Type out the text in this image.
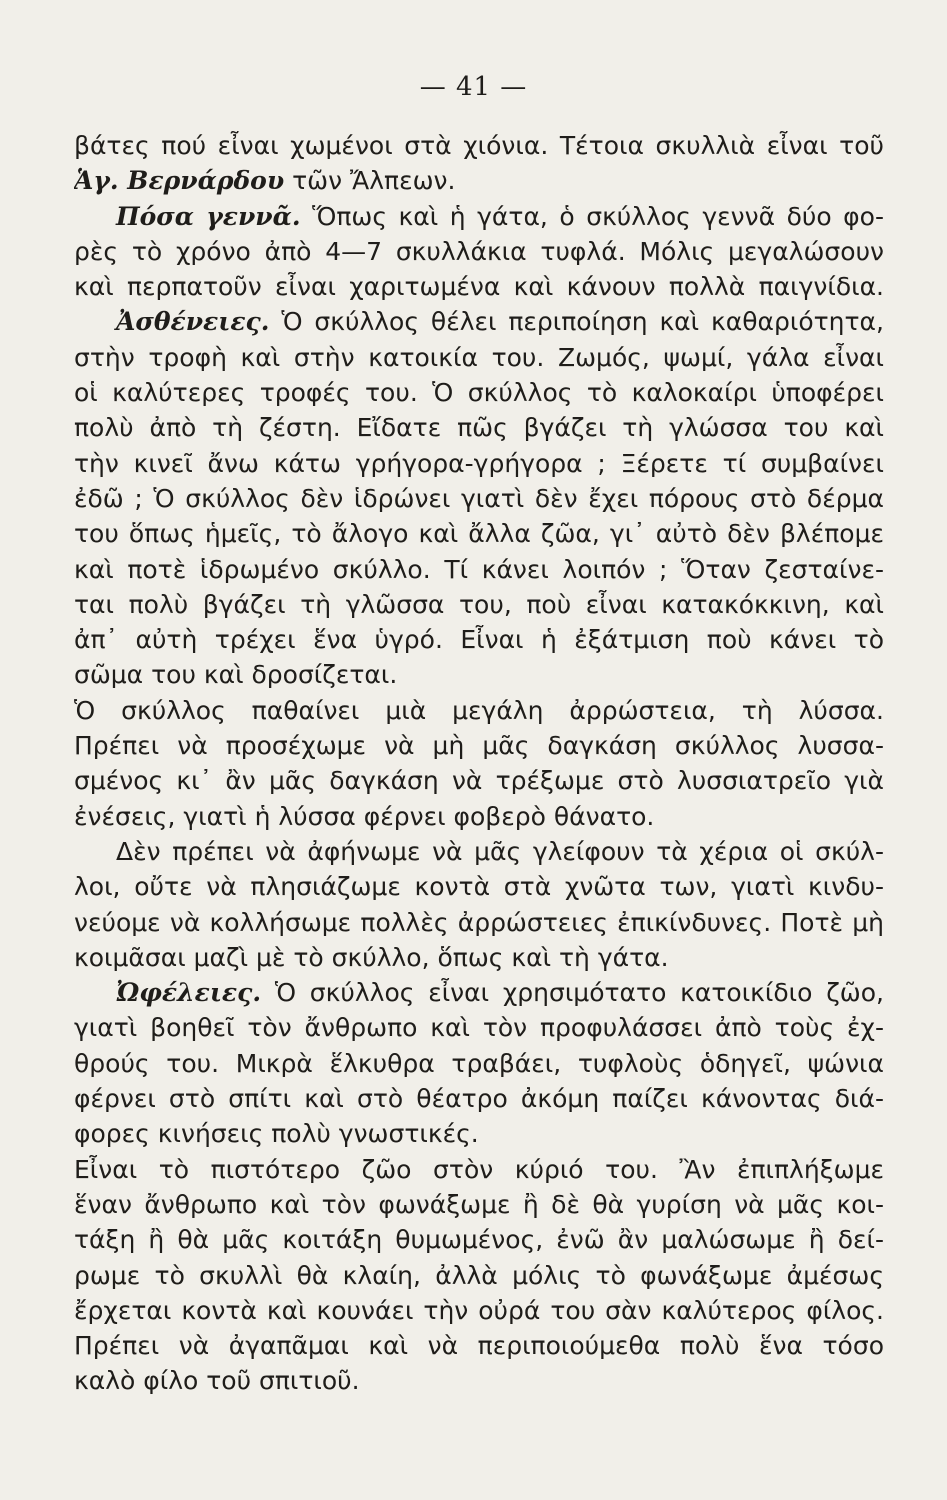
— 41 —
βάτες πού εἶναι χωμένοι στὰ χιόνια. Τέτοια σκυλλιὰ εἶναι τοῦ
Ἁγ. Βερνάρδου τῶν Ἄλπεων.
Πόσα γεννᾶ. Ὅπως καὶ ἡ γάτα, ὁ σκύλλος γεννᾶ δύο φο-
ρὲς τὸ χρόνο ἀπὸ 4—7 σκυλλάκια τυφλά. Μόλις μεγαλώσουν
καὶ περπατοῦν εἶναι χαριτωμένα καὶ κάνουν πολλὰ παιγνίδια.
Ἀσθένειες. Ὁ σκύλλος θέλει περιποίηση καὶ καθαριότητα,
στὴν τροφὴ καὶ στὴν κατοικία του. Ζωμός, ψωμί, γάλα εἶναι
οἱ καλύτερες τροφές του. Ὁ σκύλλος τὸ καλοκαίρι ὑποφέρει
πολὺ ἀπὸ τὴ ζέστη. Εἴδατε πῶς βγάζει τὴ γλώσσα του καὶ
τὴν κινεῖ ἄνω κάτω γρήγορα-γρήγορα ; Ξέρετε τί συμβαίνει
ἐδῶ ; Ὁ σκύλλος δὲν ἱδρώνει γιατὶ δὲν ἔχει πόρους στὸ δέρμα
του ὅπως ἡμεῖς, τὸ ἄλογο καὶ ἄλλα ζῶα, γι᾽ αὐτὸ δὲν βλέπομε
καὶ ποτὲ ἱδρωμένο σκύλλο. Τί κάνει λοιπόν ; Ὅταν ζεσταίνε-
ται πολὺ βγάζει τὴ γλῶσσα του, ποὺ εἶναι κατακόκκινη, καὶ
ἀπ᾽ αὐτὴ τρέχει ἕνα ὑγρό. Εἶναι ἡ ἐξάτμιση ποὺ κάνει τὸ
σῶμα του καὶ δροσίζεται.
Ὁ σκύλλος παθαίνει μιὰ μεγάλη ἀρρώστεια, τὴ λύσσα.
Πρέπει νὰ προσέχωμε νὰ μὴ μᾶς δαγκάση σκύλλος λυσσα-
σμένος κι᾽ ἂν μᾶς δαγκάση νὰ τρέξωμε στὸ λυσσιατρεῖο γιὰ
ἐνέσεις, γιατὶ ἡ λύσσα φέρνει φοβερὸ θάνατο.
Δὲν πρέπει νὰ ἀφήνωμε νὰ μᾶς γλείφουν τὰ χέρια οἱ σκύλ-
λοι, οὔτε νὰ πλησιάζωμε κοντὰ στὰ χνῶτα των, γιατὶ κινδυ-
νεύομε νὰ κολλήσωμε πολλὲς ἀρρώστειες ἐπικίνδυνες. Ποτὲ μὴ
κοιμᾶσαι μαζὶ μὲ τὸ σκύλλο, ὅπως καὶ τὴ γάτα.
Ὠφέλειες. Ὁ σκύλλος εἶναι χρησιμότατο κατοικίδιο ζῶο,
γιατὶ βοηθεῖ τὸν ἄνθρωπο καὶ τὸν προφυλάσσει ἀπὸ τοὺς ἐχ-
θρούς του. Μικρὰ ἕλκυθρα τραβάει, τυφλοὺς ὁδηγεῖ, ψώνια
φέρνει στὸ σπίτι καὶ στὸ θέατρο ἀκόμη παίζει κάνοντας διά-
φορες κινήσεις πολὺ γνωστικές.
Εἶναι τὸ πιστότερο ζῶο στὸν κύριό του. Ἂν ἐπιπλήξωμε
ἕναν ἄνθρωπο καὶ τὸν φωνάξωμε ἢ δὲ θὰ γυρίση νὰ μᾶς κοι-
τάξη ἢ θὰ μᾶς κοιτάξη θυμωμένος, ἐνῶ ἂν μαλώσωμε ἢ δεί-
ρωμε τὸ σκυλλὶ θὰ κλαίη, ἀλλὰ μόλις τὸ φωνάξωμε ἀμέσως
ἔρχεται κοντὰ καὶ κουνάει τὴν οὐρά του σὰν καλύτερος φίλος.
Πρέπει νὰ ἀγαπᾶμαι καὶ νὰ περιποιούμεθα πολὺ ἕνα τόσο
καλὸ φίλο τοῦ σπιτιοῦ.
